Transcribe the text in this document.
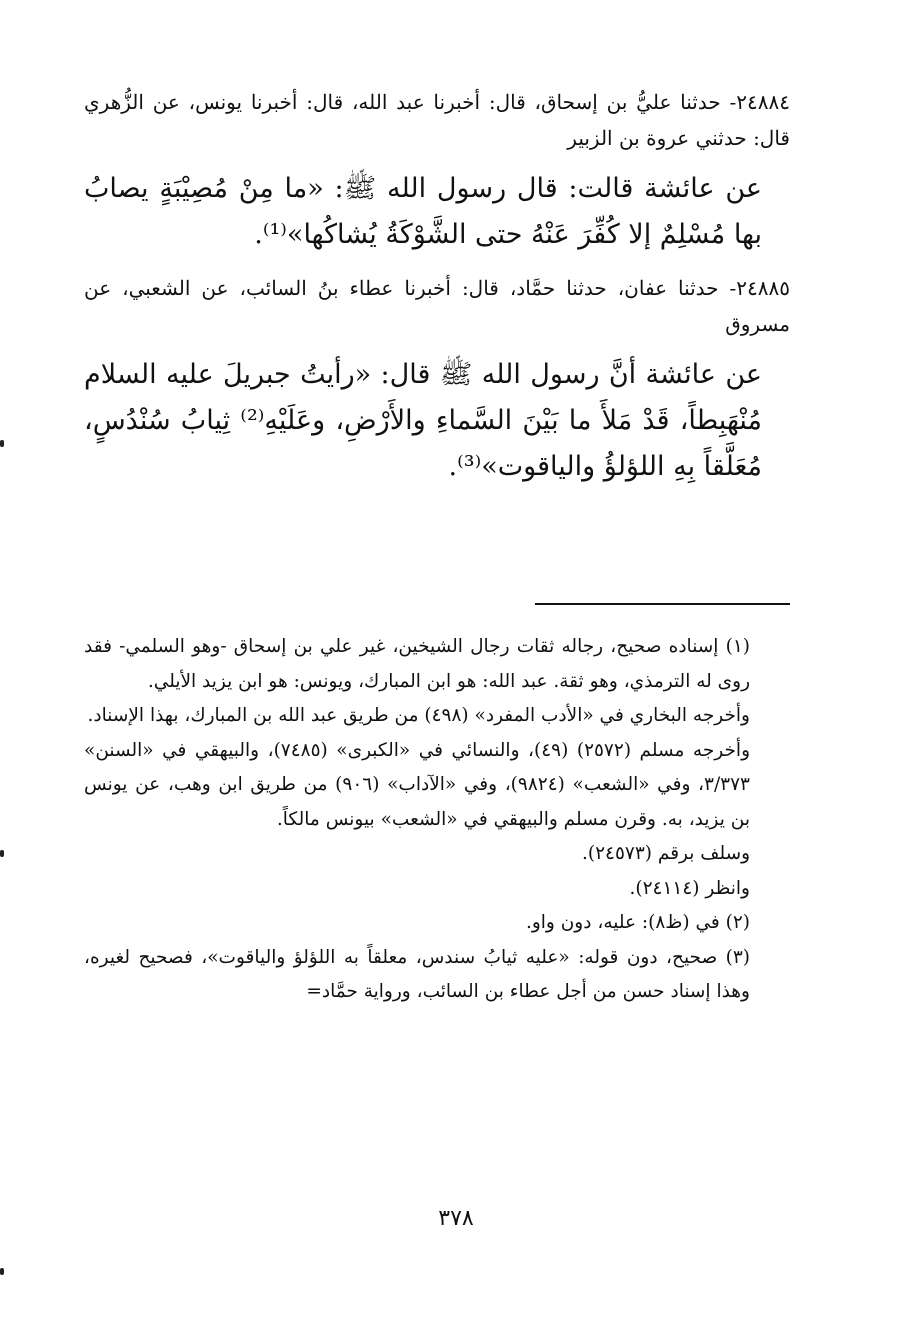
٢٤٨٨٤- حدثنا عليُّ بن إسحاق، قال: أخبرنا عبد الله، قال: أخبرنا يونس، عن الزُّهري قال: حدثني عروة بن الزبير

عن عائشة قالت: قال رسول الله ﷺ: «ما مِنْ مُصِيْبَةٍ يصابُ بها مُسْلِمٌ إلا كُفِّرَ عَنْهُ حتى الشَّوْكَةُ يُشاكُها»⁽¹⁾.

٢٤٨٨٥- حدثنا عفان، حدثنا حمَّاد، قال: أخبرنا عطاء بنُ السائب، عن الشعبي، عن مسروق

عن عائشة أنَّ رسول الله ﷺ قال: «رأيتُ جبريلَ عليه السلام مُنْهَبِطاً، قَدْ مَلأَ ما بَيْنَ السَّماءِ والأَرْضِ، وعَلَيْهِ⁽²⁾ ثِيابُ سُنْدُسٍ، مُعَلَّقاً بِهِ اللؤلؤُ والياقوت»⁽³⁾.

(١) إسناده صحيح، رجاله ثقات رجال الشيخين، غير علي بن إسحاق -وهو السلمي- فقد روى له الترمذي، وهو ثقة. عبد الله: هو ابن المبارك، ويونس: هو ابن يزيد الأيلي.

وأخرجه البخاري في «الأدب المفرد» (٤٩٨) من طريق عبد الله بن المبارك، بهذا الإسناد.

وأخرجه مسلم (٢٥٧٢) (٤٩)، والنسائي في «الكبرى» (٧٤٨٥)، والبيهقي في «السنن» ٣/٣٧٣، وفي «الشعب» (٩٨٢٤)، وفي «الآداب» (٩٠٦) من طريق ابن وهب، عن يونس بن يزيد، به. وقرن مسلم والبيهقي في «الشعب» بيونس مالكاً.

وسلف برقم (٢٤٥٧٣).

وانظر (٢٤١١٤).

(٢) في (ظ٨): عليه، دون واو.

(٣) صحيح، دون قوله: «عليه ثيابُ سندس، معلقاً به اللؤلؤ والياقوت»، فصحيح لغيره، وهذا إسناد حسن من أجل عطاء بن السائب، ورواية حمَّاد=

٣٧٨
